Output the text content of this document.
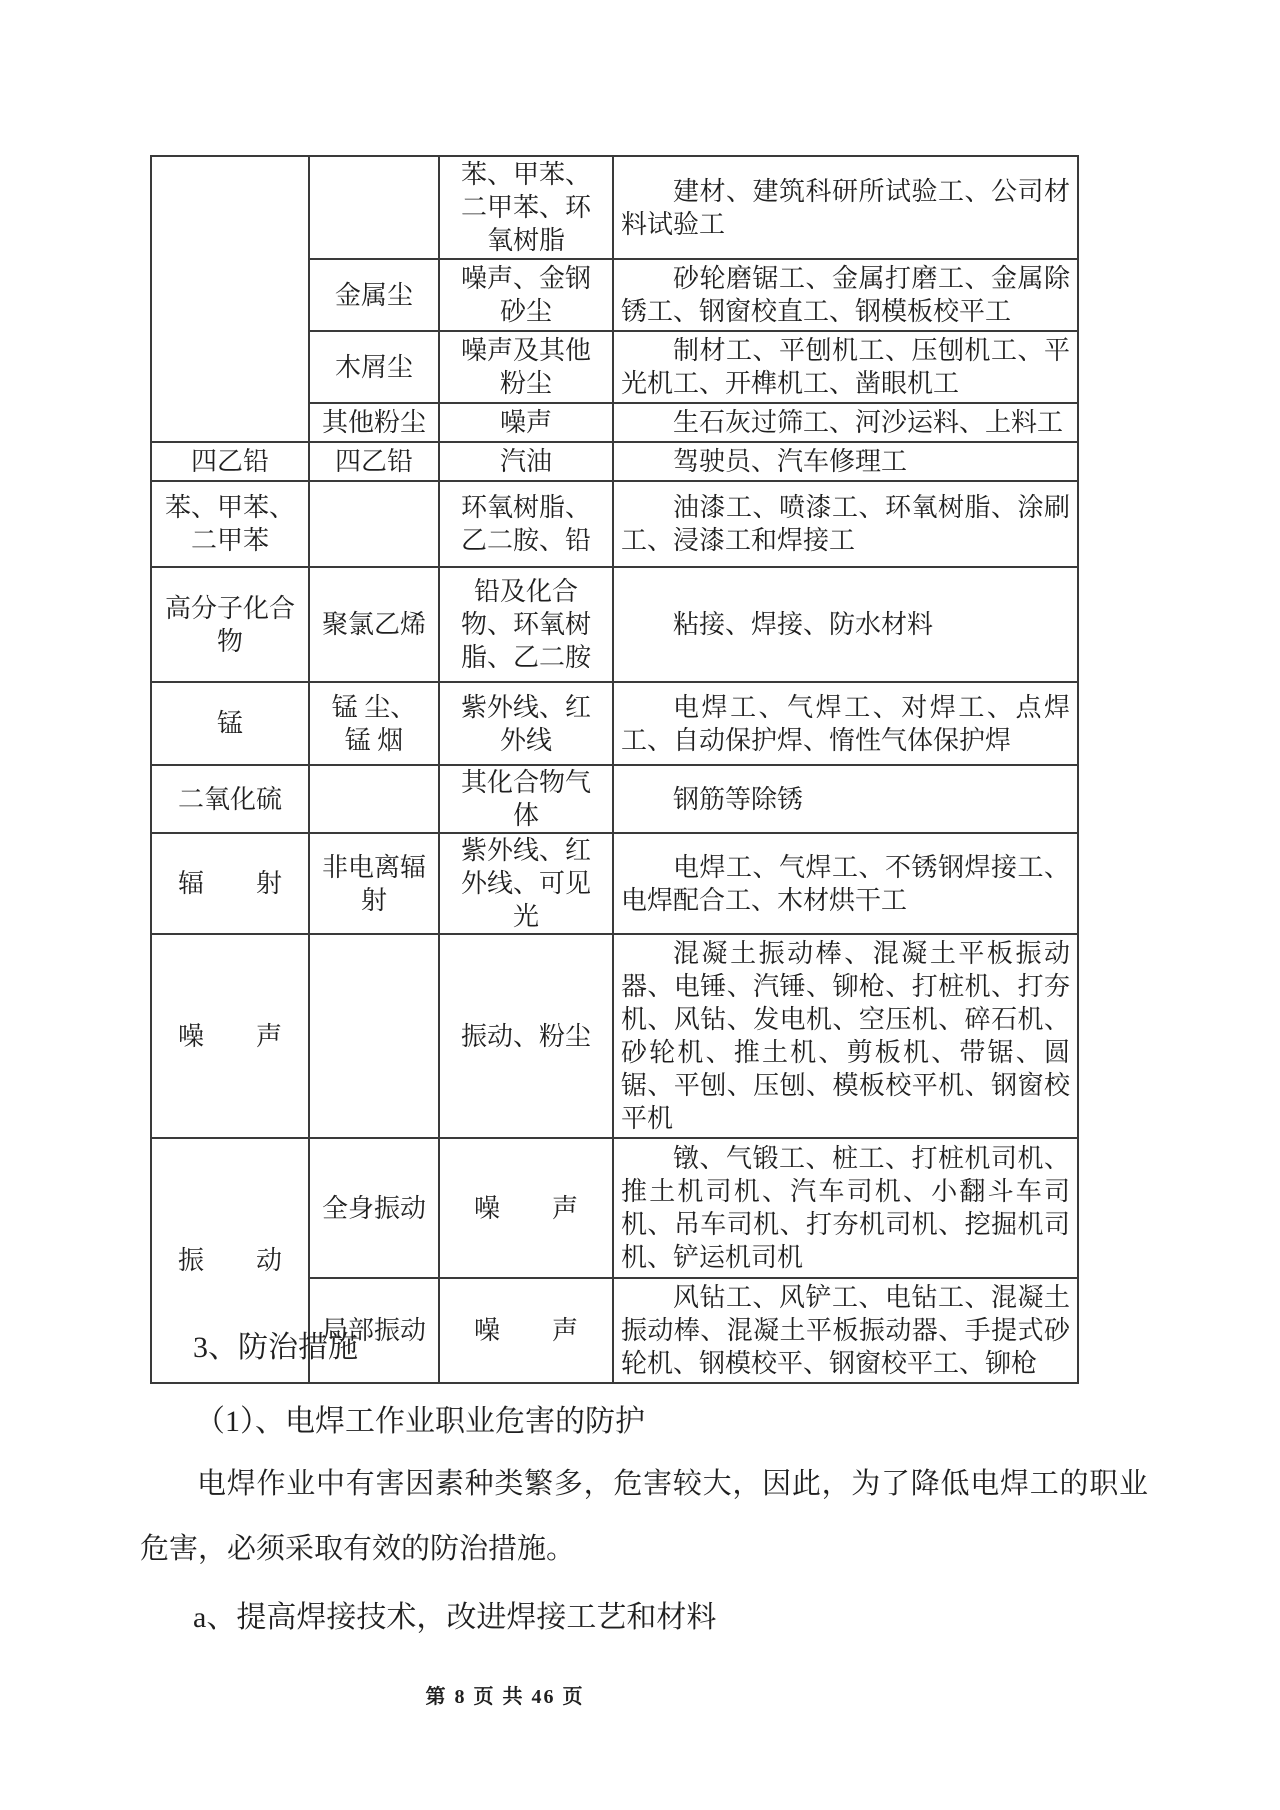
		苯、甲苯、二甲苯、环氧树脂	建材、建筑科研所试验工、公司材料试验工
	金属尘	噪声、金钢砂尘	砂轮磨锯工、金属打磨工、金属除锈工、钢窗校直工、钢模板校平工
	木屑尘	噪声及其他粉尘	制材工、平刨机工、压刨机工、平光机工、开榫机工、凿眼机工
	其他粉尘	噪声	生石灰过筛工、河沙运料、上料工
四乙铅	四乙铅	汽油	驾驶员、汽车修理工
苯、甲苯、二甲苯		环氧树脂、乙二胺、铅	油漆工、喷漆工、环氧树脂、涂刷工、浸漆工和焊接工
高分子化合物	聚氯乙烯	铅及化合物、环氧树脂、乙二胺	粘接、焊接、防水材料
锰	锰 尘、锰 烟	紫外线、红外线	电焊工、气焊工、对焊工、点焊工、自动保护焊、惰性气体保护焊
二氧化硫		其化合物气体	钢筋等除锈
辐　　射	非电离辐射	紫外线、红外线、可见光	电焊工、气焊工、不锈钢焊接工、电焊配合工、木材烘干工
噪　　声		振动、粉尘	混凝土振动棒、混凝土平板振动器、电锤、汽锤、铆枪、打桩机、打夯机、风钻、发电机、空压机、碎石机、砂轮机、推土机、剪板机、带锯、圆锯、平刨、压刨、模板校平机、钢窗校平机
振　　动	全身振动	噪　　声	镦、气锻工、桩工、打桩机司机、推土机司机、汽车司机、小翻斗车司机、吊车司机、打夯机司机、挖掘机司机、铲运机司机
	局部振动	噪　　声	风钻工、风铲工、电钻工、混凝土振动棒、混凝土平板振动器、手提式砂轮机、钢模校平、钢窗校平工、铆枪
3、防治措施
（1）、电焊工作业职业危害的防护
电焊作业中有害因素种类繁多，危害较大，因此，为了降低电焊工的职业危害，必须采取有效的防治措施。
a、提高焊接技术，改进焊接工艺和材料
第 8 页 共 46 页
